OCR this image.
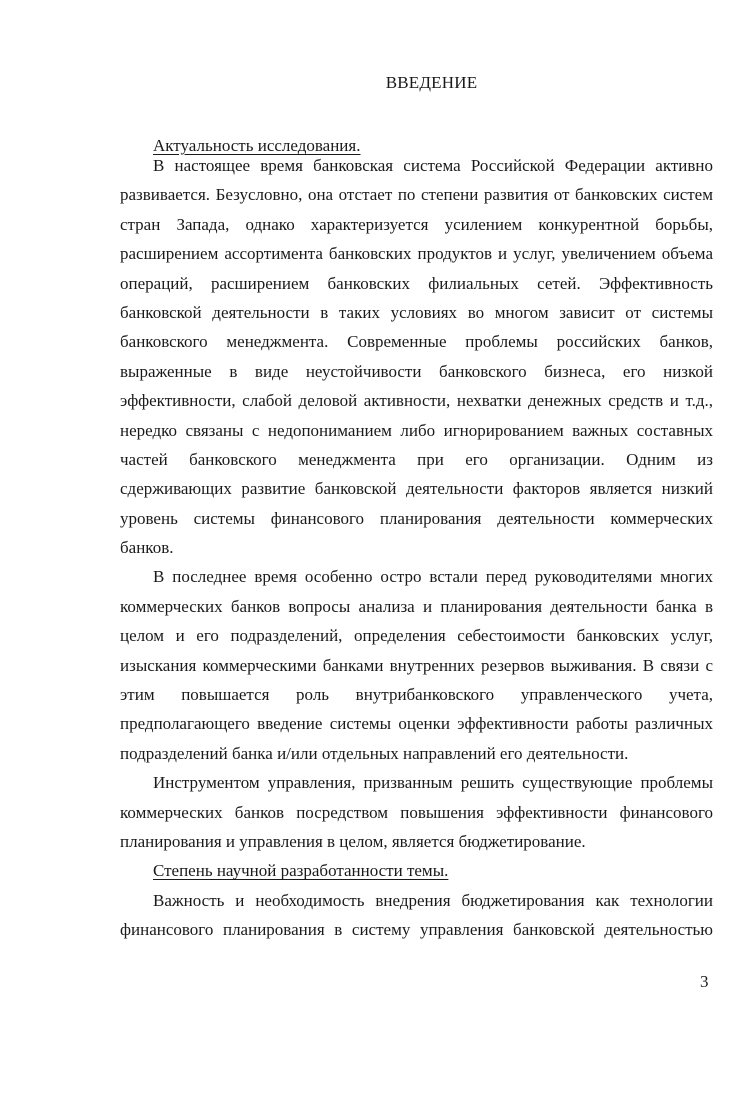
ВВЕДЕНИЕ
Актуальность исследования.
В настоящее время банковская система Российской Федерации активно
развивается. Безусловно, она отстает по степени развития от банковских систем
стран Запада, однако характеризуется усилением конкурентной борьбы,
расширением ассортимента банковских продуктов и услуг, увеличением объема
операций, расширением банковских филиальных сетей. Эффективность
банковской деятельности в таких условиях во многом зависит от системы
банковского менеджмента. Современные проблемы российских банков,
выраженные в виде неустойчивости банковского бизнеса, его низкой
эффективности, слабой деловой активности, нехватки денежных средств и т.д.,
нередко связаны с недопониманием либо игнорированием важных составных
частей банковского менеджмента при его организации. Одним из
сдерживающих развитие банковской деятельности факторов является низкий
уровень системы финансового планирования деятельности коммерческих
банков.
В последнее время особенно остро встали перед руководителями многих
коммерческих банков вопросы анализа и планирования деятельности банка в
целом и его подразделений, определения себестоимости банковских услуг,
изыскания коммерческими банками внутренних резервов выживания. В связи с
этим повышается роль внутрибанковского управленческого учета,
предполагающего введение системы оценки эффективности работы различных
подразделений банка и/или отдельных направлений его деятельности.
Инструментом управления, призванным решить существующие проблемы
коммерческих банков посредством повышения эффективности финансового
планирования и управления в целом, является бюджетирование.
Степень научной разработанности темы.
Важность и необходимость внедрения бюджетирования как технологии
финансового планирования в систему управления банковской деятельностью
3
